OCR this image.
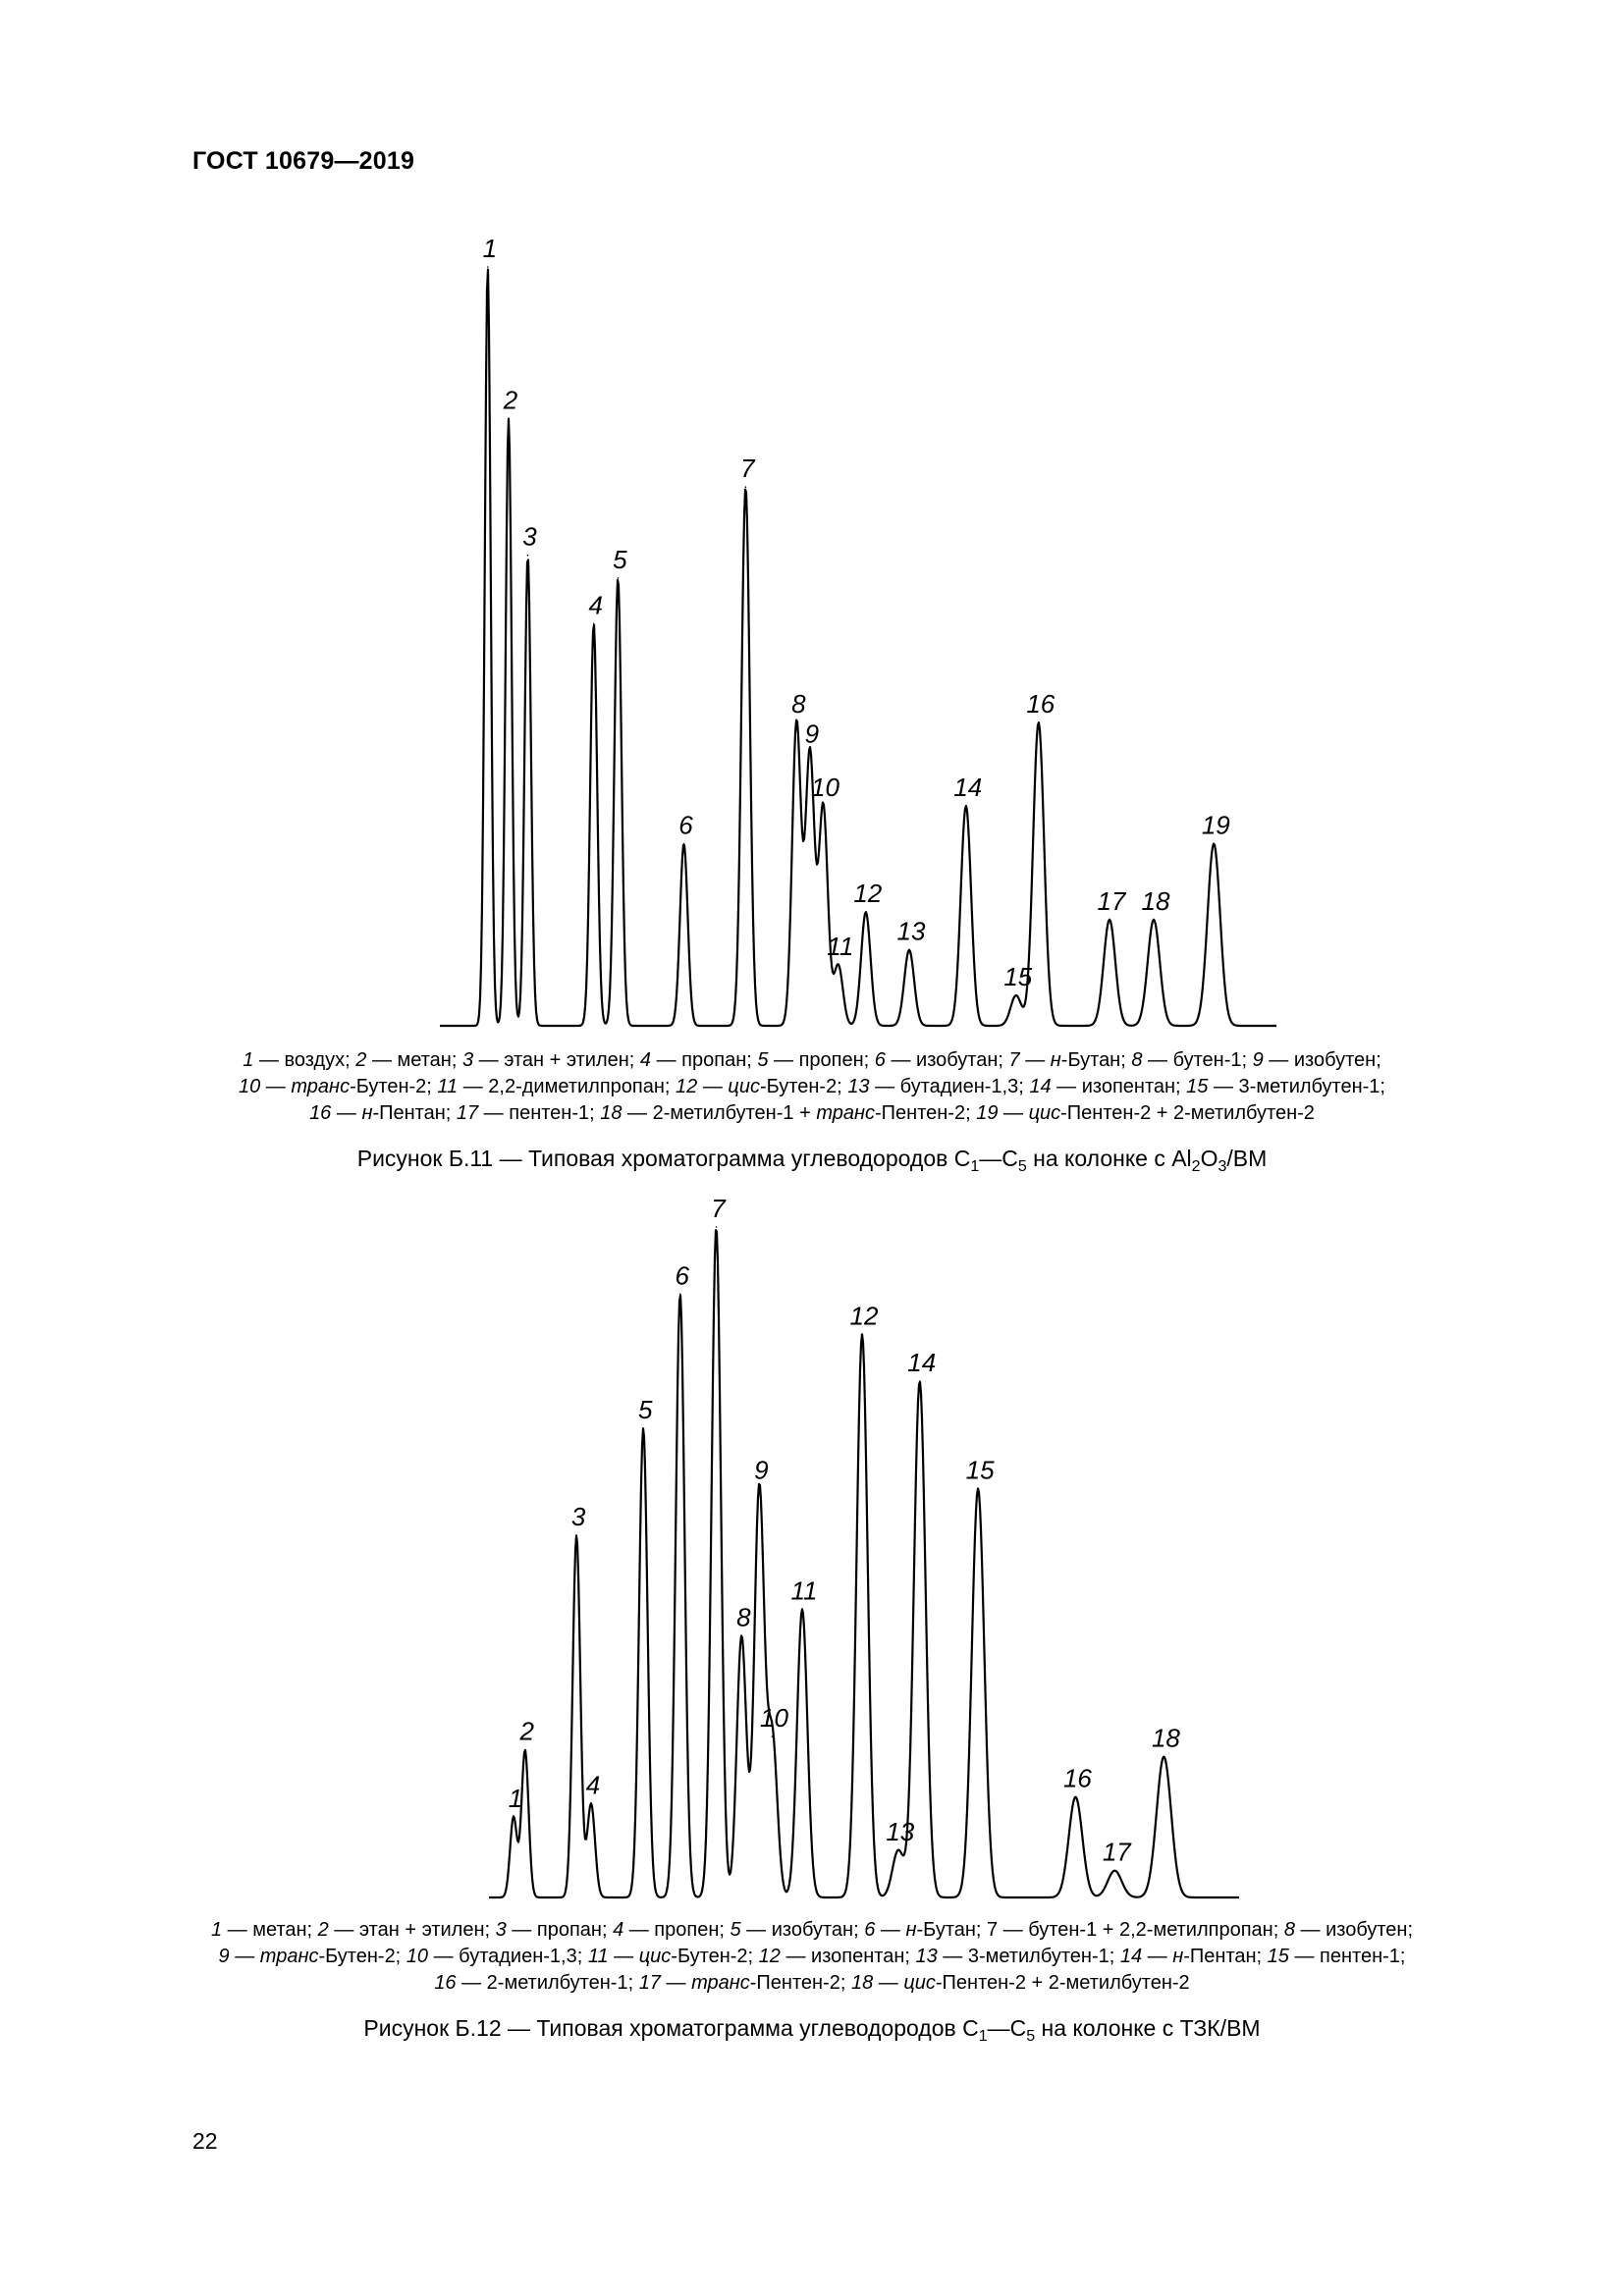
ГОСТ 10679—2019
1
2
3
4
5
6
7
8
9
10
11
12
13
14
15
16
17 18
19
1 — воздух; 2 — метан; 3 — этан + этилен; 4 — пропан; 5 — пропен; 6 — изобутан; 7 — н-Бутан; 8 — бутен-1; 9 — изобутен;
10 — транс-Бутен-2; 11 — 2,2-диметилпропан; 12 — цис-Бутен-2; 13 — бутадиен-1,3; 14 — изопентан; 15 — 3-метилбутен-1;
16 — н-Пентан; 17 — пентен-1; 18 — 2-метилбутен-1 + транс-Пентен-2; 19 — цис-Пентен-2 + 2-метилбутен-2
Рисунок Б.11 — Типовая хроматограмма углеводородов $С_1—С_5$ на колонке с $Al_2O_3/ВМ$
1
2
3
4
5
6
7
8
9
10
11
12
13
14
15
16
17
18
1 — метан; 2 — этан + этилен; 3 — пропан; 4 — пропен; 5 — изобутан; 6 — н-Бутан; 7 — бутен-1 + 2,2-метилпропан; 8 — изобутен;
9 — транс-Бутен-2; 10 — бутадиен-1,3; 11 — цис-Бутен-2; 12 — изопентан; 13 — 3-метилбутен-1; 14 — н-Пентан; 15 — пентен-1;
16 — 2-метилбутен-1; 17 — транс-Пентен-2; 18 — цис-Пентен-2 + 2-метилбутен-2
Рисунок Б.12 — Типовая хроматограмма углеводородов $С_1—С_5$ на колонке с ТЗК/ВМ
22
